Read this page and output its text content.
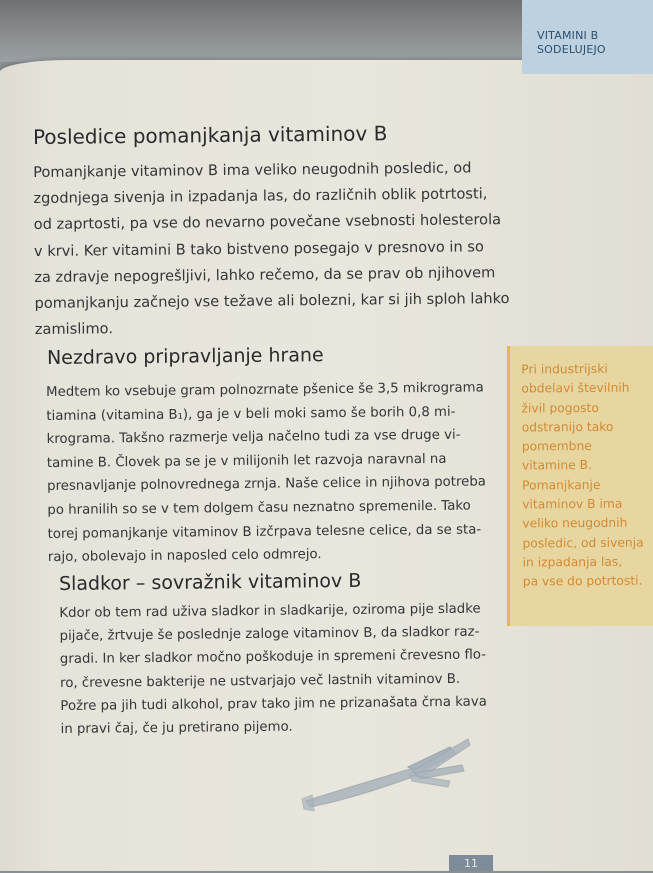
VITAMINI B
SODELUJEJO
Posledice pomanjkanja vitaminov B
Pomanjkanje vitaminov B ima veliko neugodnih posledic, od
zgodnjega sivenja in izpadanja las, do različnih oblik potrtosti,
od zaprtosti, pa vse do nevarno povečane vsebnosti holesterola
v krvi. Ker vitamini B tako bistveno posegajo v presnovo in so
za zdravje nepogrešljivi, lahko rečemo, da se prav ob njihovem
pomanjkanju začnejo vse težave ali bolezni, kar si jih sploh lahko
zamislimo.
Nezdravo pripravljanje hrane
Medtem ko vsebuje gram polnozrnate pšenice še 3,5 mikrograma
tiamina (vitamina B₁), ga je v beli moki samo še borih 0,8 mi-
krograma. Takšno razmerje velja načelno tudi za vse druge vi-
tamine B. Človek pa se je v milijonih let razvoja naravnal na
presnavljanje polnovrednega zrnja. Naše celice in njihova potreba
po hranilih so se v tem dolgem času neznatno spremenile. Tako
torej pomanjkanje vitaminov B izčrpava telesne celice, da se sta-
rajo, obolevajo in naposled celo odmrejo.
Sladkor – sovražnik vitaminov B
Kdor ob tem rad uživa sladkor in sladkarije, oziroma pije sladke
pijače, žrtvuje še poslednje zaloge vitaminov B, da sladkor raz-
gradi. In ker sladkor močno poškoduje in spremeni črevesno flo-
ro, črevesne bakterije ne ustvarjajo več lastnih vitaminov B.
Požre pa jih tudi alkohol, prav tako jim ne prizanašata črna kava
in pravi čaj, če ju pretirano pijemo.
Pri industrijski
obdelavi številnih
živil pogosto
odstranijo tako
pomembne
vitamine B.
Pomanjkanje
vitaminov B ima
veliko neugodnih
posledic, od sivenja
in izpadanja las,
pa vse do potrtosti.
11
